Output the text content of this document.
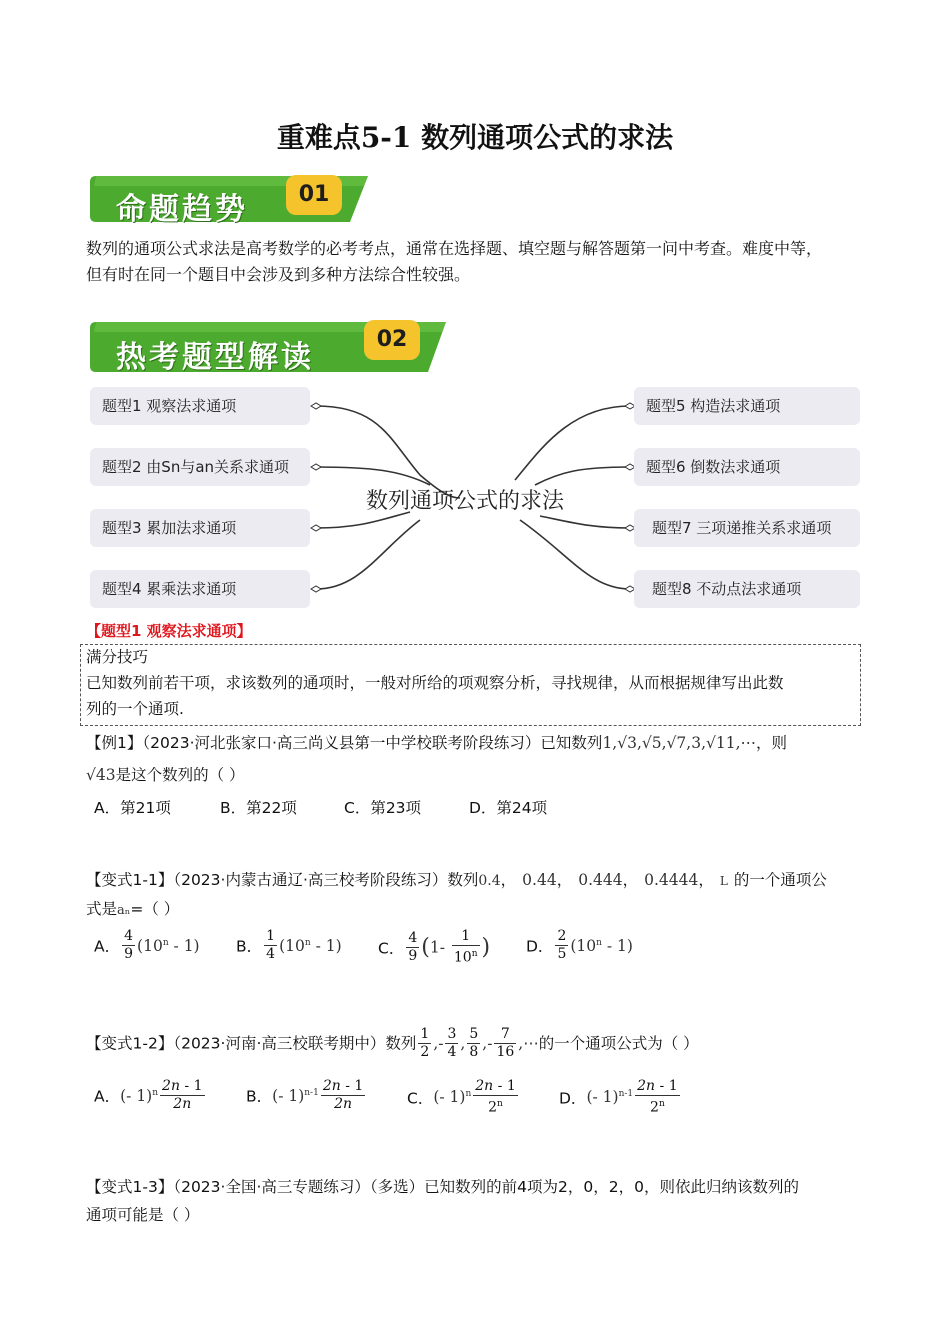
重难点5-1 数列通项公式的求法
命题趋势	01
数列的通项公式求法是高考数学的必考考点，通常在选择题、填空题与解答题第一问中考查。难度中等，
但有时在同一个题目中会涉及到多种方法综合性较强。
热考题型解读
02
题型1 观察法求通项
题型2 由Sn与an关系求通项
题型3 累加法求通项
题型4 累乘法求通项
题型5 构造法求通项
题型6 倒数法求通项
题型7 三项递推关系求通项
题型8 不动点法求通项
数列通项公式的求法
【题型1 观察法求通项】
满分技巧
已知数列前若干项，求该数列的通项时，一般对所给的项观察分析，寻找规律，从而根据规律写出此数
列的一个通项.
【例1】（2023·河北张家口·高三尚义县第一中学校联考阶段练习）已知数列1,√3,√5,√7,3,√11,⋯，则
√43是这个数列的（ ）
A．第21项	B．第22项	C．第23项	D．第24项
【变式1-1】（2023·内蒙古通辽·高三校考阶段练习）数列0.4， 0.44， 0.444， 0.4444， L 的一个通项公
式是aₙ=（ ）
A． $\frac{4}{9} (10^n - 1)$ B． $\frac{1}{4} (10^n - 1)$ C． $\frac{4}{9} (1- \frac{1}{10^n}$ ) D． $\frac{2}{5} (10^n - 1)$
【变式1-2】（2023·河南·高三校联考期中）数列 $\frac{1}{2}$ ,- $\frac{3}{4}$ , $\frac{5}{8}$ ,- $\frac{7}{16}$ ,⋯的一个通项公式为（ ）
A．(- $1)^n \frac{2n - 1}{2n}$	B．(- $1)^{n-1} \frac{2n - 1}{2n}$	C．(- $1)^n \frac{2n - 1}{2^n}$	D．(- $1)^{n-1} \frac{2n - 1}{2^n}$
【变式1-3】（2023·全国·高三专题练习）（多选）已知数列的前4项为2，0，2，0，则依此归纳该数列的
通项可能是（ ）
